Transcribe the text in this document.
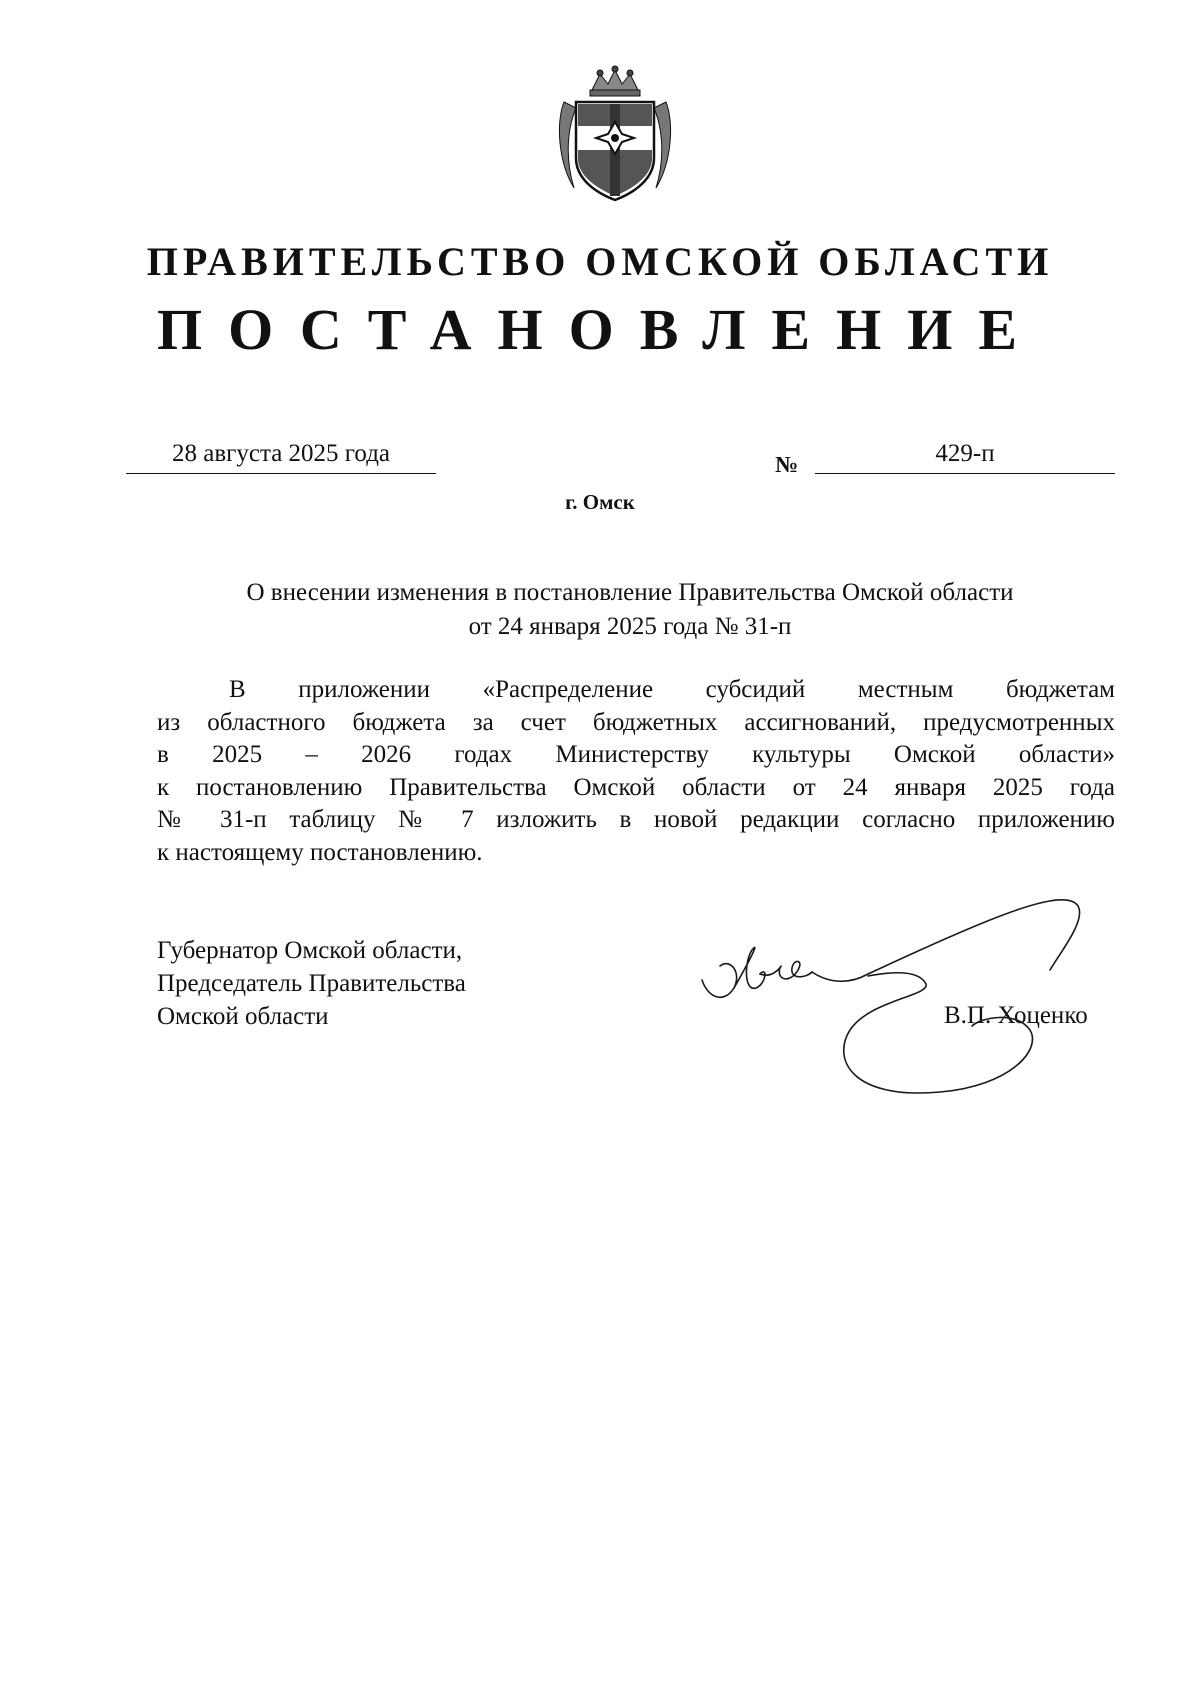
ПРАВИТЕЛЬСТВО ОМСКОЙ ОБЛАСТИ
ПОСТАНОВЛЕНИЕ
28 августа 2025 года	№	429-п
г. Омск
О внесении изменения в постановление Правительства Омской области
от 24 января 2025 года № 31-п
В приложении «Распределение субсидий местным бюджетам
из областного бюджета за счет бюджетных ассигнований, предусмотренных
в 2025 – 2026 годах Министерству культуры Омской области»
к постановлению Правительства Омской области от 24 января 2025 года
№ 31-п таблицу № 7 изложить в новой редакции согласно приложению
к настоящему постановлению.
Губернатор Омской области,
Председатель Правительства
Омской области	В.П. Хоценко
